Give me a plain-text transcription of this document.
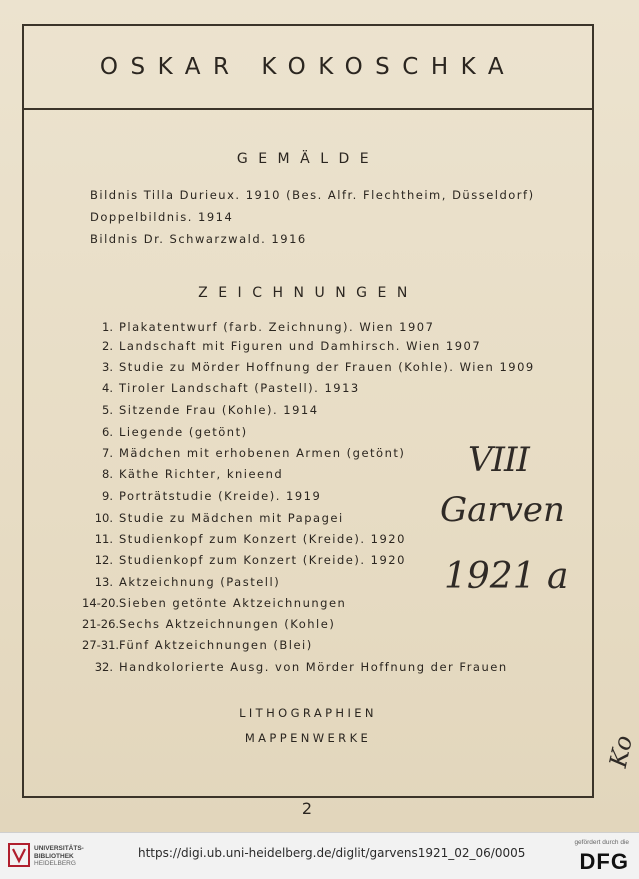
OSKAR KOKOSCHKA
GEMÄLDE
Bildnis Tilla Durieux. 1910 (Bes. Alfr. Flechtheim, Düsseldorf)
Doppelbildnis. 1914
Bildnis Dr. Schwarzwald. 1916
ZEICHNUNGEN
1. Plakatentwurf (farb. Zeichnung). Wien 1907
2. Landschaft mit Figuren und Damhirsch. Wien 1907
3. Studie zu Mörder Hoffnung der Frauen (Kohle). Wien 1909
4. Tiroler Landschaft (Pastell). 1913
5. Sitzende Frau (Kohle). 1914
6. Liegende (getönt)
7. Mädchen mit erhobenen Armen (getönt)
8. Käthe Richter, knieend
9. Porträtstudie (Kreide). 1919
10. Studie zu Mädchen mit Papagei
11. Studienkopf zum Konzert (Kreide). 1920
12. Studienkopf zum Konzert (Kreide). 1920
13. Aktzeichnung (Pastell)
14-20.Sieben getönte Aktzeichnungen
21-26.Sechs Aktzeichnungen (Kohle)
27-31.Fünf Aktzeichnungen (Blei)
32. Handkolorierte Ausg. von Mörder Hoffnung der Frauen
LITHOGRAPHIEN
MAPPENWERKE
2
VIII
Garven
1921 a
Ko
UNIVERSITÄTS-
BIBLIOTHEK
HEIDELBERG
https://digi.ub.uni-heidelberg.de/diglit/garvens1921_02_06/0005
gefördert durch die
DFG
